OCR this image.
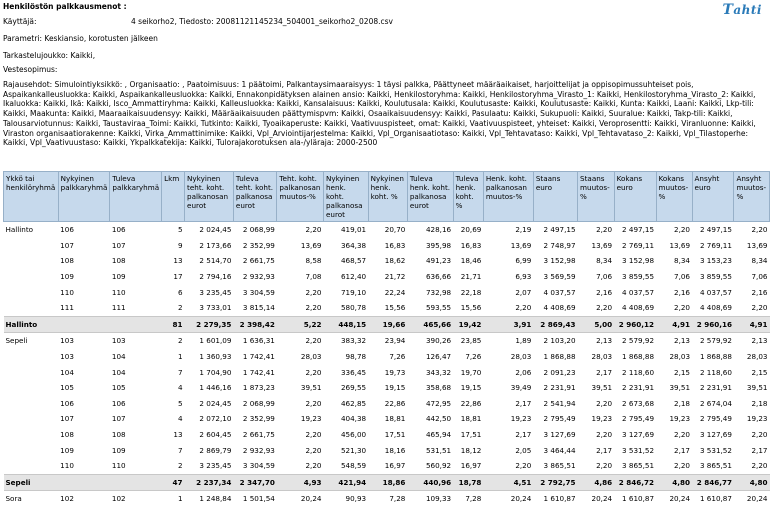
Henkilöstön palkkausmenot :	Tahti
Käyttäjä:	4 seikorho2, Tiedosto: 20081121145234_504001_seikorho2_0208.csv
Parametri: Keskiansio, korotusten jälkeen
Tarkastelujoukko: Kaikki,
Vestesopimus:
Rajausehdot: Simulointiyksikkö: , Organisaatio: , Paatoimisuus: 1 päätoimi, Palkantaysimaaraisyys: 1 täysi palkka, Päättyneet määräaikaiset, harjoittelijat ja oppisopimussuhteiset pois, Aspaikankalleusluokka: Kaikki, Aspaikankalleusluokka: Kaikki, Ennakonpidätyksen alainen ansio: Kaikki, Henkilostoryhma: Kaikki, Henkilostoryhma_Virasto_1: Kaikki, Henkilostoryhma_Virasto_2: Kaikki, Ikaluokka: Kaikki, Ikä: Kaikki, Isco_Ammattiryhma: Kaikki, Kalleusluokka: Kaikki, Kansalaisuus: Kaikki, Koulutusala: Kaikki, Koulutusaste: Kaikki, Koulutusaste: Kaikki, Kunta: Kaikki, Laani: Kaikki, Lkp-tili: Kaikki, Maakunta: Kaikki, Maaraaikaisuudensyy: Kaikki, Määräaikaisuuden päättymispvm: Kaikki, Osaaikaisuudensyy: Kaikki, Pasulaatu: Kaikki, Sukupuoli: Kaikki, Suuralue: Kaikki, Takp-tili: Kaikki, Talousarviotunnus: Kaikki, Taustaviraa_Toimi: Kaikki, Tutkinto: Kaikki, Tyoaikaperuste: Kaikki, Vaativuuspisteet, omat: Kaikki, Vaativuuspisteet, yhteiset: Kaikki, Veroprosentti: Kaikki, Viranluonne: Kaikki, Viraston organisaatiorakenne: Kaikki, Virka_Ammattinimike: Kaikki, Vpl_Arviointijarjestelma: Kaikki, Vpl_Organisaatiotaso: Kaikki, Vpl_Tehtavataso: Kaikki, Vpl_Tehtavataso_2: Kaikki, Vpl_Tilastoperhe: Kaikki, Vpl_Vaativuustaso: Kaikki, Ykpalkkatekija: Kaikki, Tulorajakorotuksen ala-/yläraja: 2000-2500
Ykkö tai henkilöryhmä	Nykyinen palkkaryhmä	Tuleva palkkaryhmä	Lkm	Nykyinen teht. koht. palkanosan eurot	Tuleva teht. koht. palkanosa eurot	Teht. koht. palkanosan muutos-%	Nykyinen henk. koht. palkanosa eurot	Nykyinen henk. koht. %	Tuleva henk. koht. palkanosa eurot	Tuleva henk. koht. %	Henk. koht. palkanosan muutos-%	Staans euro	Staans muutos-%	Kokans euro	Kokans muutos-%	Ansyht euro	Ansyht muutos-%
Hallinto	106	106	5	2 024,45	2 068,99	2,20	419,01	20,70	428,16	20,69	2,19	2 497,15	2,20	2 497,15	2,20	2 497,15	2,20
	107	107	9	2 173,66	2 352,99	13,69	364,38	16,83	395,98	16,83	13,69	2 748,97	13,69	2 769,11	13,69	2 769,11	13,69
	108	108	13	2 514,70	2 661,75	8,58	468,57	18,62	491,23	18,46	6,99	3 152,98	8,34	3 152,98	8,34	3 153,23	8,34
	109	109	17	2 794,16	2 932,93	7,08	612,40	21,72	636,66	21,71	6,93	3 569,59	7,06	3 859,55	7,06	3 859,55	7,06
	110	110	6	3 235,45	3 304,59	2,20	719,10	22,24	732,98	22,18	2,07	4 037,57	2,16	4 037,57	2,16	4 037,57	2,16
	111	111	2	3 733,01	3 815,14	2,20	580,78	15,56	593,55	15,56	2,20	4 408,69	2,20	4 408,69	2,20	4 408,69	2,20
Hallinto			81	2 279,35	2 398,42	5,22	448,15	19,66	465,66	19,42	3,91	2 869,43	5,00	2 960,12	4,91	2 960,16	4,91
Sepeli	103	103	2	1 601,09	1 636,31	2,20	383,32	23,94	390,26	23,85	1,89	2 103,20	2,13	2 579,92	2,13	2 579,92	2,13
	103	104	1	1 360,93	1 742,41	28,03	98,78	7,26	126,47	7,26	28,03	1 868,88	28,03	1 868,88	28,03	1 868,88	28,03
	104	104	7	1 704,90	1 742,41	2,20	336,45	19,73	343,32	19,70	2,06	2 091,23	2,17	2 118,60	2,15	2 118,60	2,15
	105	105	4	1 446,16	1 873,23	39,51	269,55	19,15	358,68	19,15	39,49	2 231,91	39,51	2 231,91	39,51	2 231,91	39,51
	106	106	5	2 024,45	2 068,99	2,20	462,85	22,86	472,95	22,86	2,17	2 541,94	2,20	2 673,68	2,18	2 674,04	2,18
	107	107	4	2 072,10	2 352,99	19,23	404,38	18,81	442,50	18,81	19,23	2 795,49	19,23	2 795,49	19,23	2 795,49	19,23
	108	108	13	2 604,45	2 661,75	2,20	456,00	17,51	465,94	17,51	2,17	3 127,69	2,20	3 127,69	2,20	3 127,69	2,20
	109	109	7	2 869,79	2 932,93	2,20	521,30	18,16	531,51	18,12	2,05	3 464,44	2,17	3 531,52	2,17	3 531,52	2,17
	110	110	2	3 235,45	3 304,59	2,20	548,59	16,97	560,92	16,97	2,20	3 865,51	2,20	3 865,51	2,20	3 865,51	2,20
Sepeli			47	2 237,34	2 347,70	4,93	421,94	18,86	440,96	18,78	4,51	2 792,75	4,86	2 846,72	4,80	2 846,77	4,80
Sora	102	102	1	1 248,84	1 501,54	20,24	90,93	7,28	109,33	7,28	20,24	1 610,87	20,24	1 610,87	20,24	1 610,87	20,24
